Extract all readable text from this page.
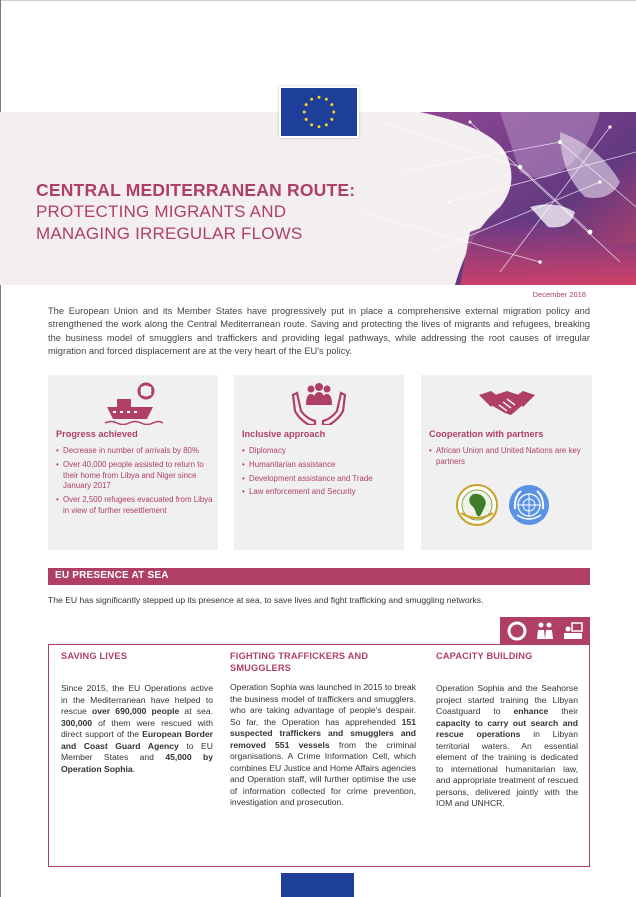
CENTRAL MEDITERRANEAN ROUTE:
PROTECTING MIGRANTS AND
MANAGING IRREGULAR FLOWS
December 2018

The European Union and its Member States have progressively put in place a comprehensive external migration policy and strengthened the work along the Central Mediterranean route. Saving and protecting the lives of migrants and refugees, breaking the business model of smugglers and traffickers and providing legal pathways, while addressing the root causes of irregular migration and forced displacement are at the very heart of the EU's policy.

Progress achieved
• Decrease in number of arrivals by 80%
• Over 40,000 people assisted to return to their home from Libya and Niger since January 2017
• Over 2,500 refugees evacuated from Libya in view of further resettlement
Inclusive approach
• Diplomacy
• Humanitarian assistance
• Development assistance and Trade
• Law enforcement and Security
Cooperation with partners
• African Union and United Nations are key partners
EU PRESENCE AT SEA
The EU has significantly stepped up its presence at sea, to save lives and fight trafficking and smuggling networks.
SAVING LIVES

Since 2015, the EU Operations active in the Mediterranean have helped to rescue over 690,000 people at sea. 300,000 of them were rescued with direct support of the European Border and Coast Guard Agency to EU Member States and 45,000 by Operation Sophia.

FIGHTING TRAFFICKERS AND SMUGGLERS

Operation Sophia was launched in 2015 to break the business model of traffickers and smugglers, who are taking advantage of people's despair. So far, the Operation has apprehended 151 suspected traffickers and smugglers and removed 551 vessels from the criminal organisations. A Crime Information Cell, which combines EU Justice and Home Affairs agencies and Operation staff, will further optimise the use of information collected for crime prevention, investigation and prosecution.

CAPACITY BUILDING

Operation Sophia and the Seahorse project started training the Libyan Coastguard to enhance their capacity to carry out search and rescue operations in Libyan territorial waters. An essential element of the training is dedicated to international humanitarian law, and appropriate treatment of rescued persons, delivered jointly with the IOM and UNHCR.
